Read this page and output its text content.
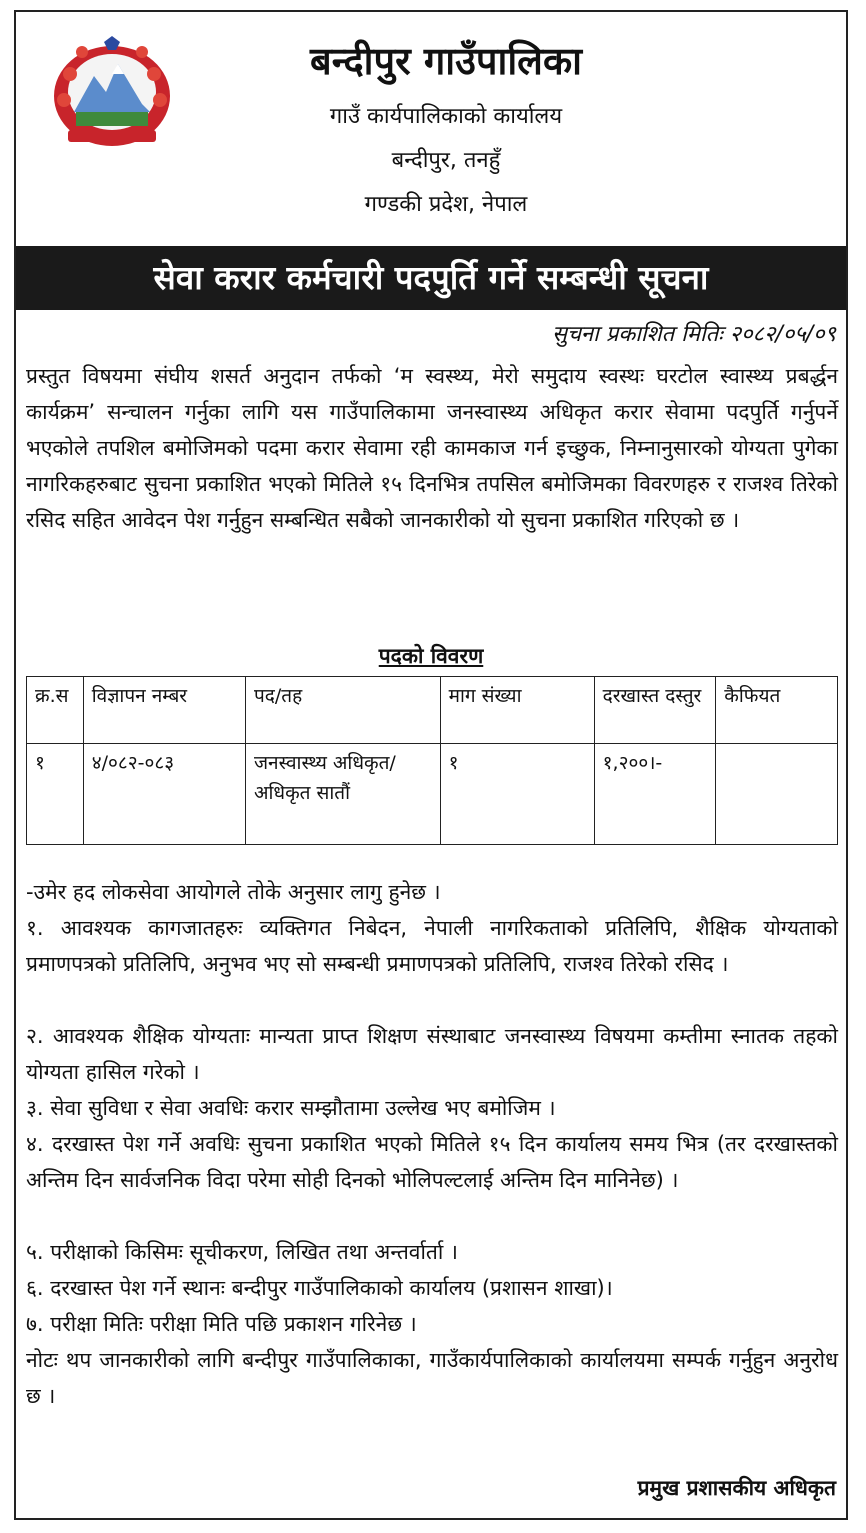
बन्दीपुर गाउँपालिका
गाउँ कार्यपालिकाको कार्यालय
बन्दीपुर, तनहुँ
गण्डकी प्रदेश, नेपाल
सेवा करार कर्मचारी पदपुर्ति गर्ने सम्बन्धी सूचना
सुचना प्रकाशित मितिः २०८२/०५/०९
प्रस्तुत विषयमा संघीय शसर्त अनुदान तर्फको ‘म स्वस्थ्य, मेरो समुदाय स्वस्थः घरटोल स्वास्थ्य प्रबर्द्धन कार्यक्रम’ सन्चालन गर्नुका लागि यस गाउँपालिकामा जनस्वास्थ्य अधिकृत करार सेवामा पदपुर्ति गर्नुपर्ने भएकोले तपशिल बमोजिमको पदमा करार सेवामा रही कामकाज गर्न इच्छुक, निम्नानुसारको योग्यता पुगेका नागरिकहरुबाट सुचना प्रकाशित भएको मितिले १५ दिनभित्र तपसिल बमोजिमका विवरणहरु र राजश्व तिरेको रसिद सहित आवेदन पेश गर्नुहुन सम्बन्धित सबैको जानकारीको यो सुचना प्रकाशित गरिएको छ ।
पदको विवरण
क्र.स	विज्ञापन नम्बर	पद/तह	माग संख्या	दरखास्त दस्तुर	कैफियत
१	४/०८२-०८३	जनस्वास्थ्य अधिकृत/अधिकृत सातौं	१	१,२००।-	
-उमेर हद लोकसेवा आयोगले तोके अनुसार लागु हुनेछ ।
१. आवश्यक कागजातहरुः व्यक्तिगत निबेदन, नेपाली नागरिकताको प्रतिलिपि, शैक्षिक योग्यताको प्रमाणपत्रको प्रतिलिपि, अनुभव भए सो सम्बन्धी प्रमाणपत्रको प्रतिलिपि, राजश्व तिरेको रसिद ।
२. आवश्यक शैक्षिक योग्यताः मान्यता प्राप्त शिक्षण संस्थाबाट जनस्वास्थ्य विषयमा कम्तीमा स्नातक तहको योग्यता हासिल गरेको ।
३. सेवा सुविधा र सेवा अवधिः करार सम्झौतामा उल्लेख भए बमोजिम ।
४. दरखास्त पेश गर्ने अवधिः सुचना प्रकाशित भएको मितिले १५ दिन कार्यालय समय भित्र (तर दरखास्तको अन्तिम दिन सार्वजनिक विदा परेमा सोही दिनको भोलिपल्टलाई अन्तिम दिन मानिनेछ) ।
५. परीक्षाको किसिमः सूचीकरण, लिखित तथा अन्तर्वार्ता ।
६. दरखास्त पेश गर्ने स्थानः बन्दीपुर गाउँपालिकाको कार्यालय (प्रशासन शाखा)।
७. परीक्षा मितिः परीक्षा मिति पछि प्रकाशन गरिनेछ ।
नोटः थप जानकारीको लागि बन्दीपुर गाउँपालिकाका, गाउँकार्यपालिकाको कार्यालयमा सम्पर्क गर्नुहुन अनुरोध छ ।
प्रमुख प्रशासकीय अधिकृत
